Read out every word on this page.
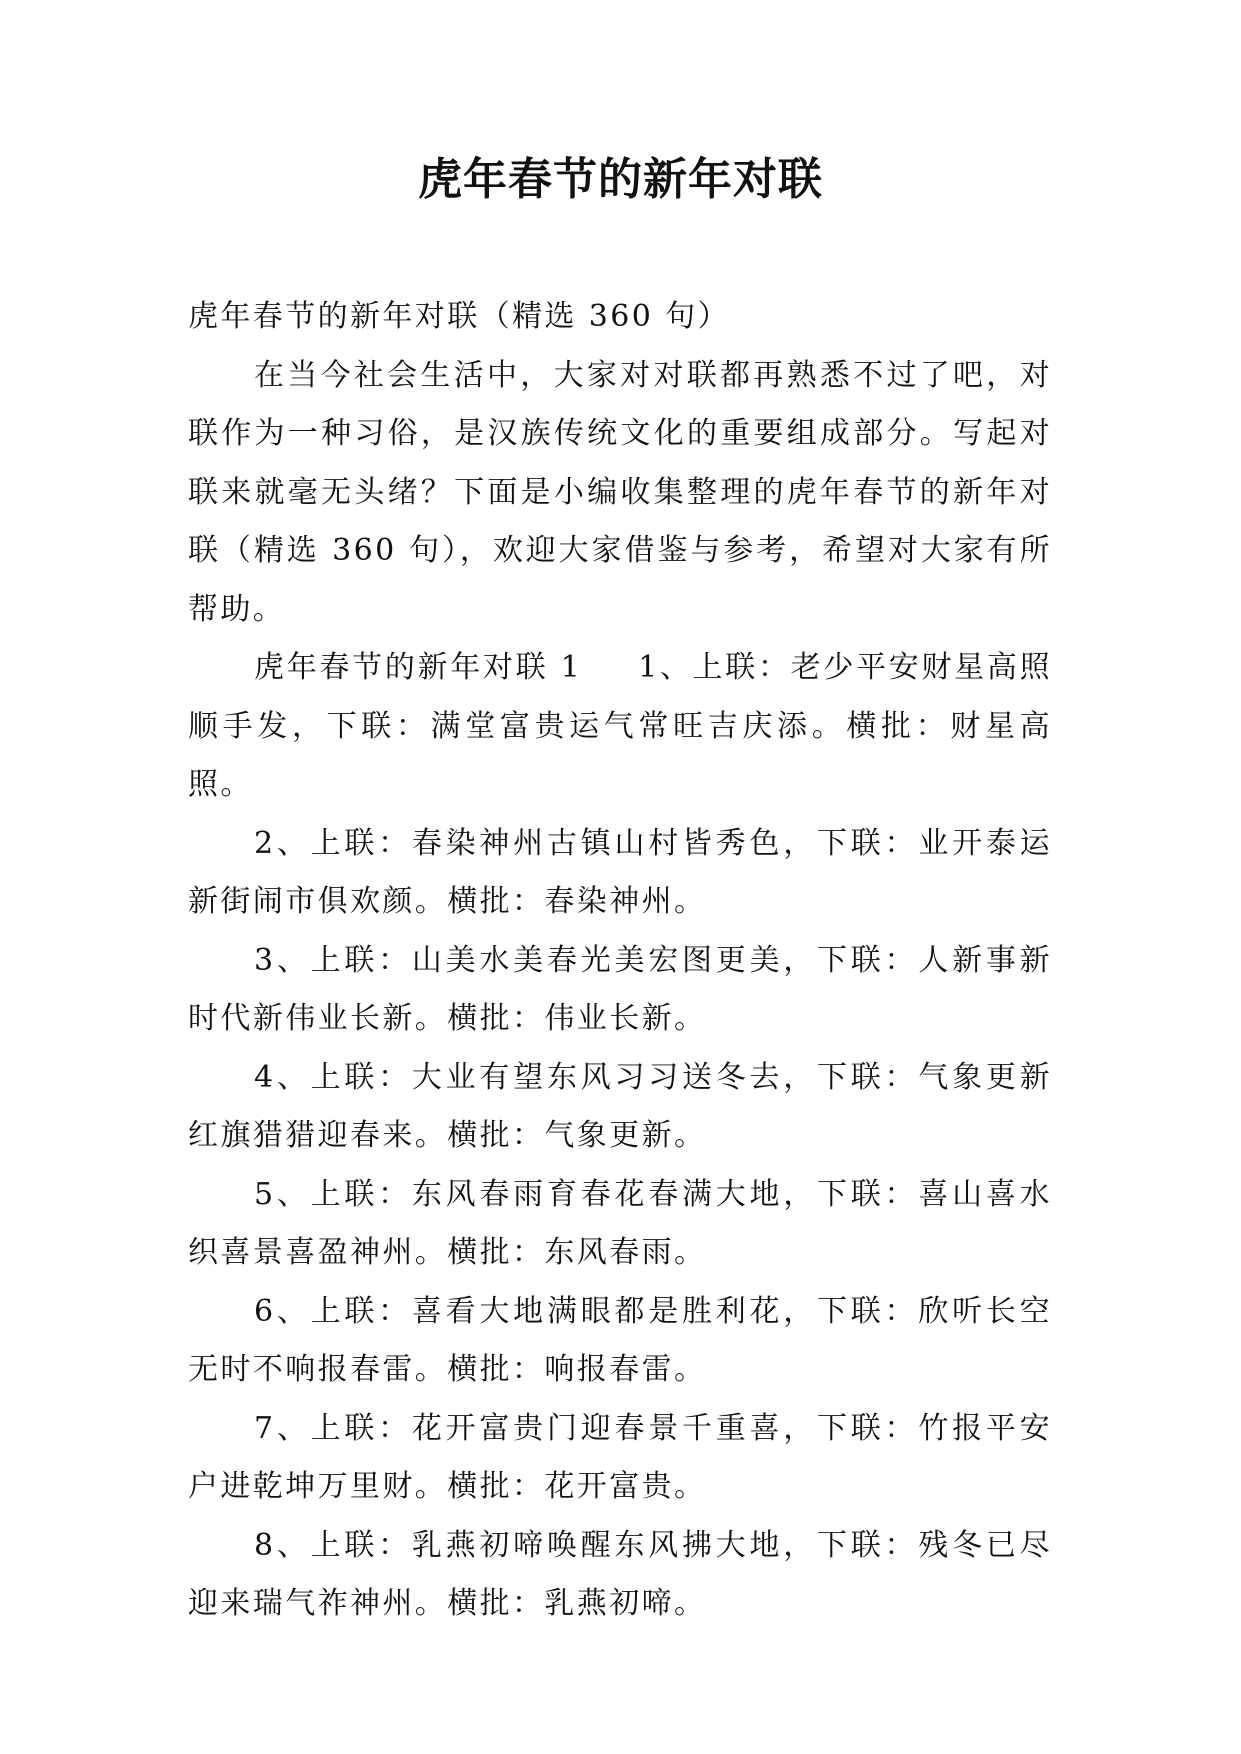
虎年春节的新年对联

虎年春节的新年对联（精选 360 句）

在当今社会生活中，大家对对联都再熟悉不过了吧，对联作为一种习俗，是汉族传统文化的重要组成部分。写起对联来就毫无头绪？下面是小编收集整理的虎年春节的新年对联（精选 360 句），欢迎大家借鉴与参考，希望对大家有所帮助。

虎年春节的新年对联 1 1、上联：老少平安财星高照顺手发，下联：满堂富贵运气常旺吉庆添。横批：财星高照。

2、上联：春染神州古镇山村皆秀色，下联：业开泰运新街闹市俱欢颜。横批：春染神州。

3、上联：山美水美春光美宏图更美，下联：人新事新时代新伟业长新。横批：伟业长新。

4、上联：大业有望东风习习送冬去，下联：气象更新红旗猎猎迎春来。横批：气象更新。

5、上联：东风春雨育春花春满大地，下联：喜山喜水织喜景喜盈神州。横批：东风春雨。

6、上联：喜看大地满眼都是胜利花，下联：欣听长空无时不响报春雷。横批：响报春雷。

7、上联：花开富贵门迎春景千重喜，下联：竹报平安户进乾坤万里财。横批：花开富贵。

8、上联：乳燕初啼唤醒东风拂大地，下联：残冬已尽迎来瑞气祚神州。横批：乳燕初啼。
